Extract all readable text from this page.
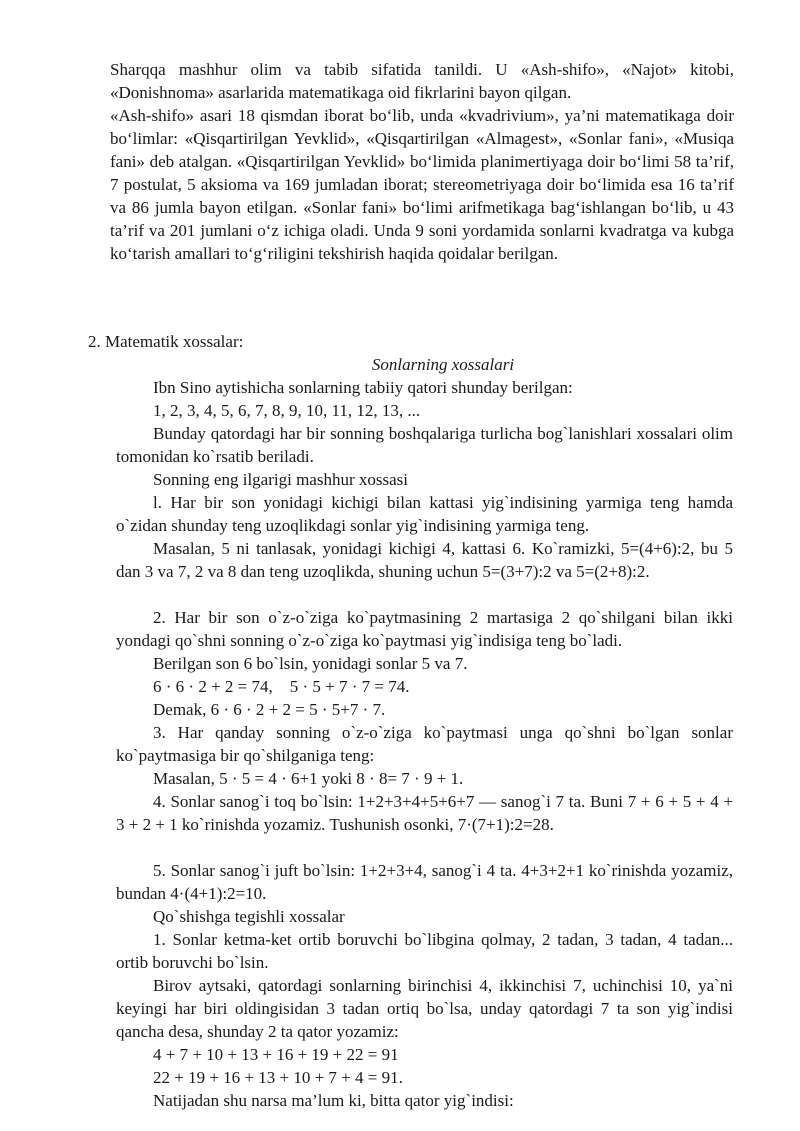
Sharqqa mashhur olim va tabib sifatida tanildi. U «Ash-shifo», «Najot» kitobi, «Donishnoma» asarlarida matematikaga oid fikrlarini bayon qilgan.

«Ash-shifo» asari 18 qismdan iborat bo‘lib, unda «kvadrivium», ya’ni matematikaga doir bo‘limlar: «Qisqartirilgan Yevklid», «Qisqartirilgan «Almagest», «Sonlar fani», «Musiqa fani» deb atalgan. «Qisqartirilgan Yevklid» bo‘limida planimertiyaga doir bo‘limi 58 ta’rif, 7 postulat, 5 aksioma va 169 jumladan iborat; stereometriyaga doir bo‘limida esa 16 ta’rif va 86 jumla bayon etilgan. «Sonlar fani» bo‘limi arifmetikaga bag‘ishlangan bo‘lib, u 43 ta’rif va 201 jumlani o‘z ichiga oladi. Unda 9 soni yordamida sonlarni kvadratga va kubga ko‘tarish amallari to‘g‘riligini tekshirish haqida qoidalar berilgan.

2. Matematik xossalar:

Sonlarning xossalari

Ibn Sino aytishicha sonlarning tabiiy qatori shunday berilgan:

1, 2, 3, 4, 5, 6, 7, 8, 9, 10, 11, 12, 13, ...

Bunday qatordagi har bir sonning boshqalariga turlicha bog`lanishlari xossalari olim tomonidan ko`rsatib beriladi.

Sonning eng ilgarigi mashhur xossasi

l. Har bir son yonidagi kichigi bilan kattasi yig`indisining yarmiga teng hamda o`zidan shunday teng uzoqlikdagi sonlar yig`indisining yarmiga teng.

Masalan, 5 ni tanlasak, yonidagi kichigi 4, kattasi 6. Ko`ramizki, 5=(4+6):2, bu 5 dan 3 va 7, 2 va 8 dan teng uzoqlikda, shuning uchun 5=(3+7):2 va 5=(2+8):2.

2. Har bir son o`z-o`ziga ko`paytmasining 2 martasiga 2 qo`shilgani bilan ikki yondagi qo`shni sonning o`z-o`ziga ko`paytmasi yig`indisiga teng bo`ladi.

Berilgan son 6 bo`lsin, yonidagi sonlar 5 va 7.

6 · 6 · 2 + 2 = 74,    5 · 5 + 7 · 7 = 74.

Demak, 6 · 6 · 2 + 2 = 5 · 5+7 · 7.

3. Har qanday sonning o`z-o`ziga ko`paytmasi unga qo`shni bo`lgan sonlar ko`paytmasiga bir qo`shilganiga teng:

Masalan, 5 · 5 = 4 · 6+1 yoki 8 · 8= 7 · 9 + 1.

4. Sonlar sanog`i toq bo`lsin: 1+2+3+4+5+6+7 — sanog`i 7 ta. Buni 7 + 6 + 5 + 4 + 3 + 2 + 1 ko`rinishda yozamiz. Tushunish osonki, 7·(7+1):2=28.

5. Sonlar sanog`i juft bo`lsin: 1+2+3+4, sanog`i 4 ta. 4+3+2+1 ko`rinishda yozamiz, bundan 4·(4+1):2=10.

Qo`shishga tegishli xossalar

1. Sonlar ketma-ket ortib boruvchi bo`libgina qolmay, 2 tadan, 3 tadan, 4 tadan... ortib boruvchi bo`lsin.

Birov aytsaki, qatordagi sonlarning birinchisi 4, ikkinchisi 7, uchinchisi 10, ya`ni keyingi har biri oldingisidan 3 tadan ortiq bo`lsa, unday qatordagi 7 ta son yig`indisi qancha desa, shunday 2 ta qator yozamiz:

4 + 7 + 10 + 13 + 16 + 19 + 22 = 91

22 + 19 + 16 + 13 + 10 + 7 + 4 = 91.

Natijadan shu narsa ma’lum ki, bitta qator yig`indisi:
